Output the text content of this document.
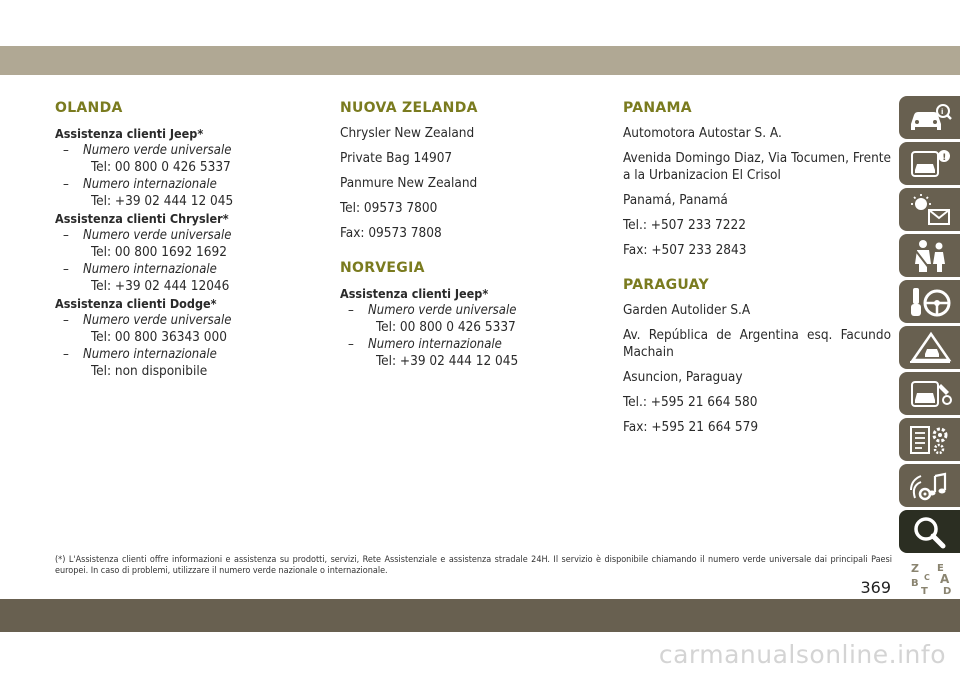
OLANDA
Assistenza clienti Jeep*
– Numero verde universale
Tel: 00 800 0 426 5337
– Numero internazionale
Tel: +39 02 444 12 045
Assistenza clienti Chrysler*
– Numero verde universale
Tel: 00 800 1692 1692
– Numero internazionale
Tel: +39 02 444 12046
Assistenza clienti Dodge*
– Numero verde universale
Tel: 00 800 36343 000
– Numero internazionale
Tel: non disponibile
NUOVA ZELANDA

Chrysler New Zealand

Private Bag 14907

Panmure New Zealand

Tel: 09573 7800

Fax: 09573 7808

NORVEGIA
Assistenza clienti Jeep*
– Numero verde universale
Tel: 00 800 0 426 5337
– Numero internazionale
Tel: +39 02 444 12 045
PANAMA

Automotora Autostar S. A.

Avenida Domingo Diaz, Via Tocumen, Frente a la Urbanizacion El Crisol

Panamá, Panamá

Tel.: +507 233 7222

Fax: +507 233 2843

PARAGUAY

Garden Autolider S.A

Av. República de Argentina esq. Facundo Machain

Asuncion, Paraguay

Tel.: +595 21 664 580

Fax: +595 21 664 579

i
!
Z E
B
C A
T D
(*) L'Assistenza clienti offre informazioni e assistenza su prodotti, servizi, Rete Assistenziale e assistenza stradale 24H. Il servizio è disponibile chiamando il numero verde universale dai principali Paesi europei. In caso di problemi, utilizzare il numero verde nazionale o internazionale.
369
carmanualsonline.info
